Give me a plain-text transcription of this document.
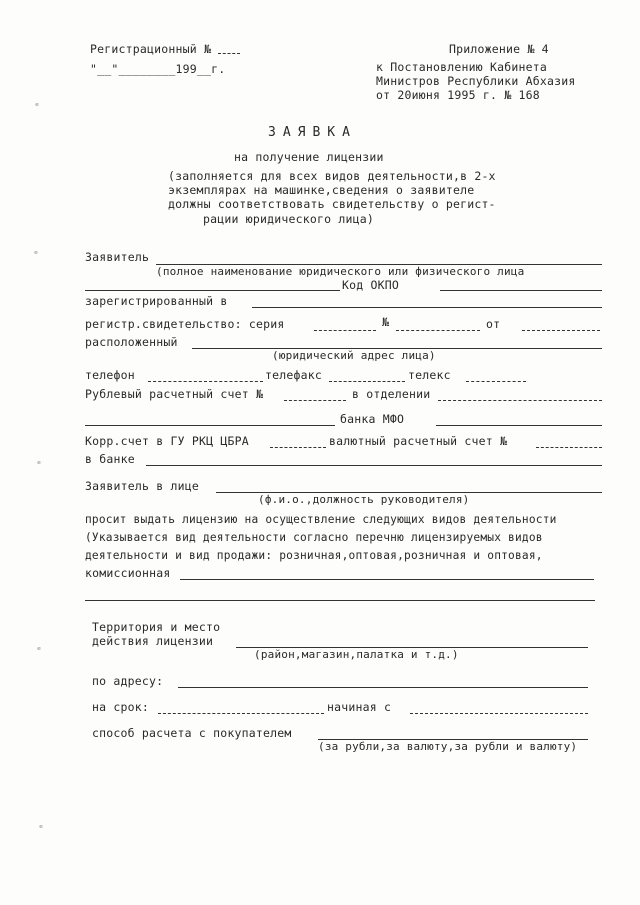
Регистрационный №
"__"________199__г.
Приложение № 4
к Постановлению Кабинета
Министров Республики Абхазия
от 20июня 1995 г. № 168
ЗАЯВКА
на получение лицензии
(заполняется для всех видов деятельности,в 2-х
экземплярах на машинке,сведения о заявителе
должны соответствовать свидетельству о регист-
рации юридического лица)
Заявитель
(полное наименование юридического или физического лица
Код ОКПО
зарегистрированный в
регистр.свидетельство: серия	№	от
расположенный
(юридический адрес лица)
телефон	телефакс	телекс
Рублевый расчетный счет №	в отделении
банка МФО
Корр.счет в ГУ РКЦ ЦБРА	валютный расчетный счет №
в банке
Заявитель в лице
(ф.и.о.,должность руководителя)
просит выдать лицензию на осуществление следующих видов деятельности
(Указывается вид деятельности согласно перечню лицензируемых видов
деятельности и вид продажи: розничная,оптовая,розничная и оптовая,
комиссионная
Территория и место
действия лицензии
(район,магазин,палатка и т.д.)
по адресу:
на срок:	начиная с
способ расчета с покупателем
(за рубли,за валюту,за рубли и валюту)
ₑ
ₑ
ₑ
ₑ
ₑ
